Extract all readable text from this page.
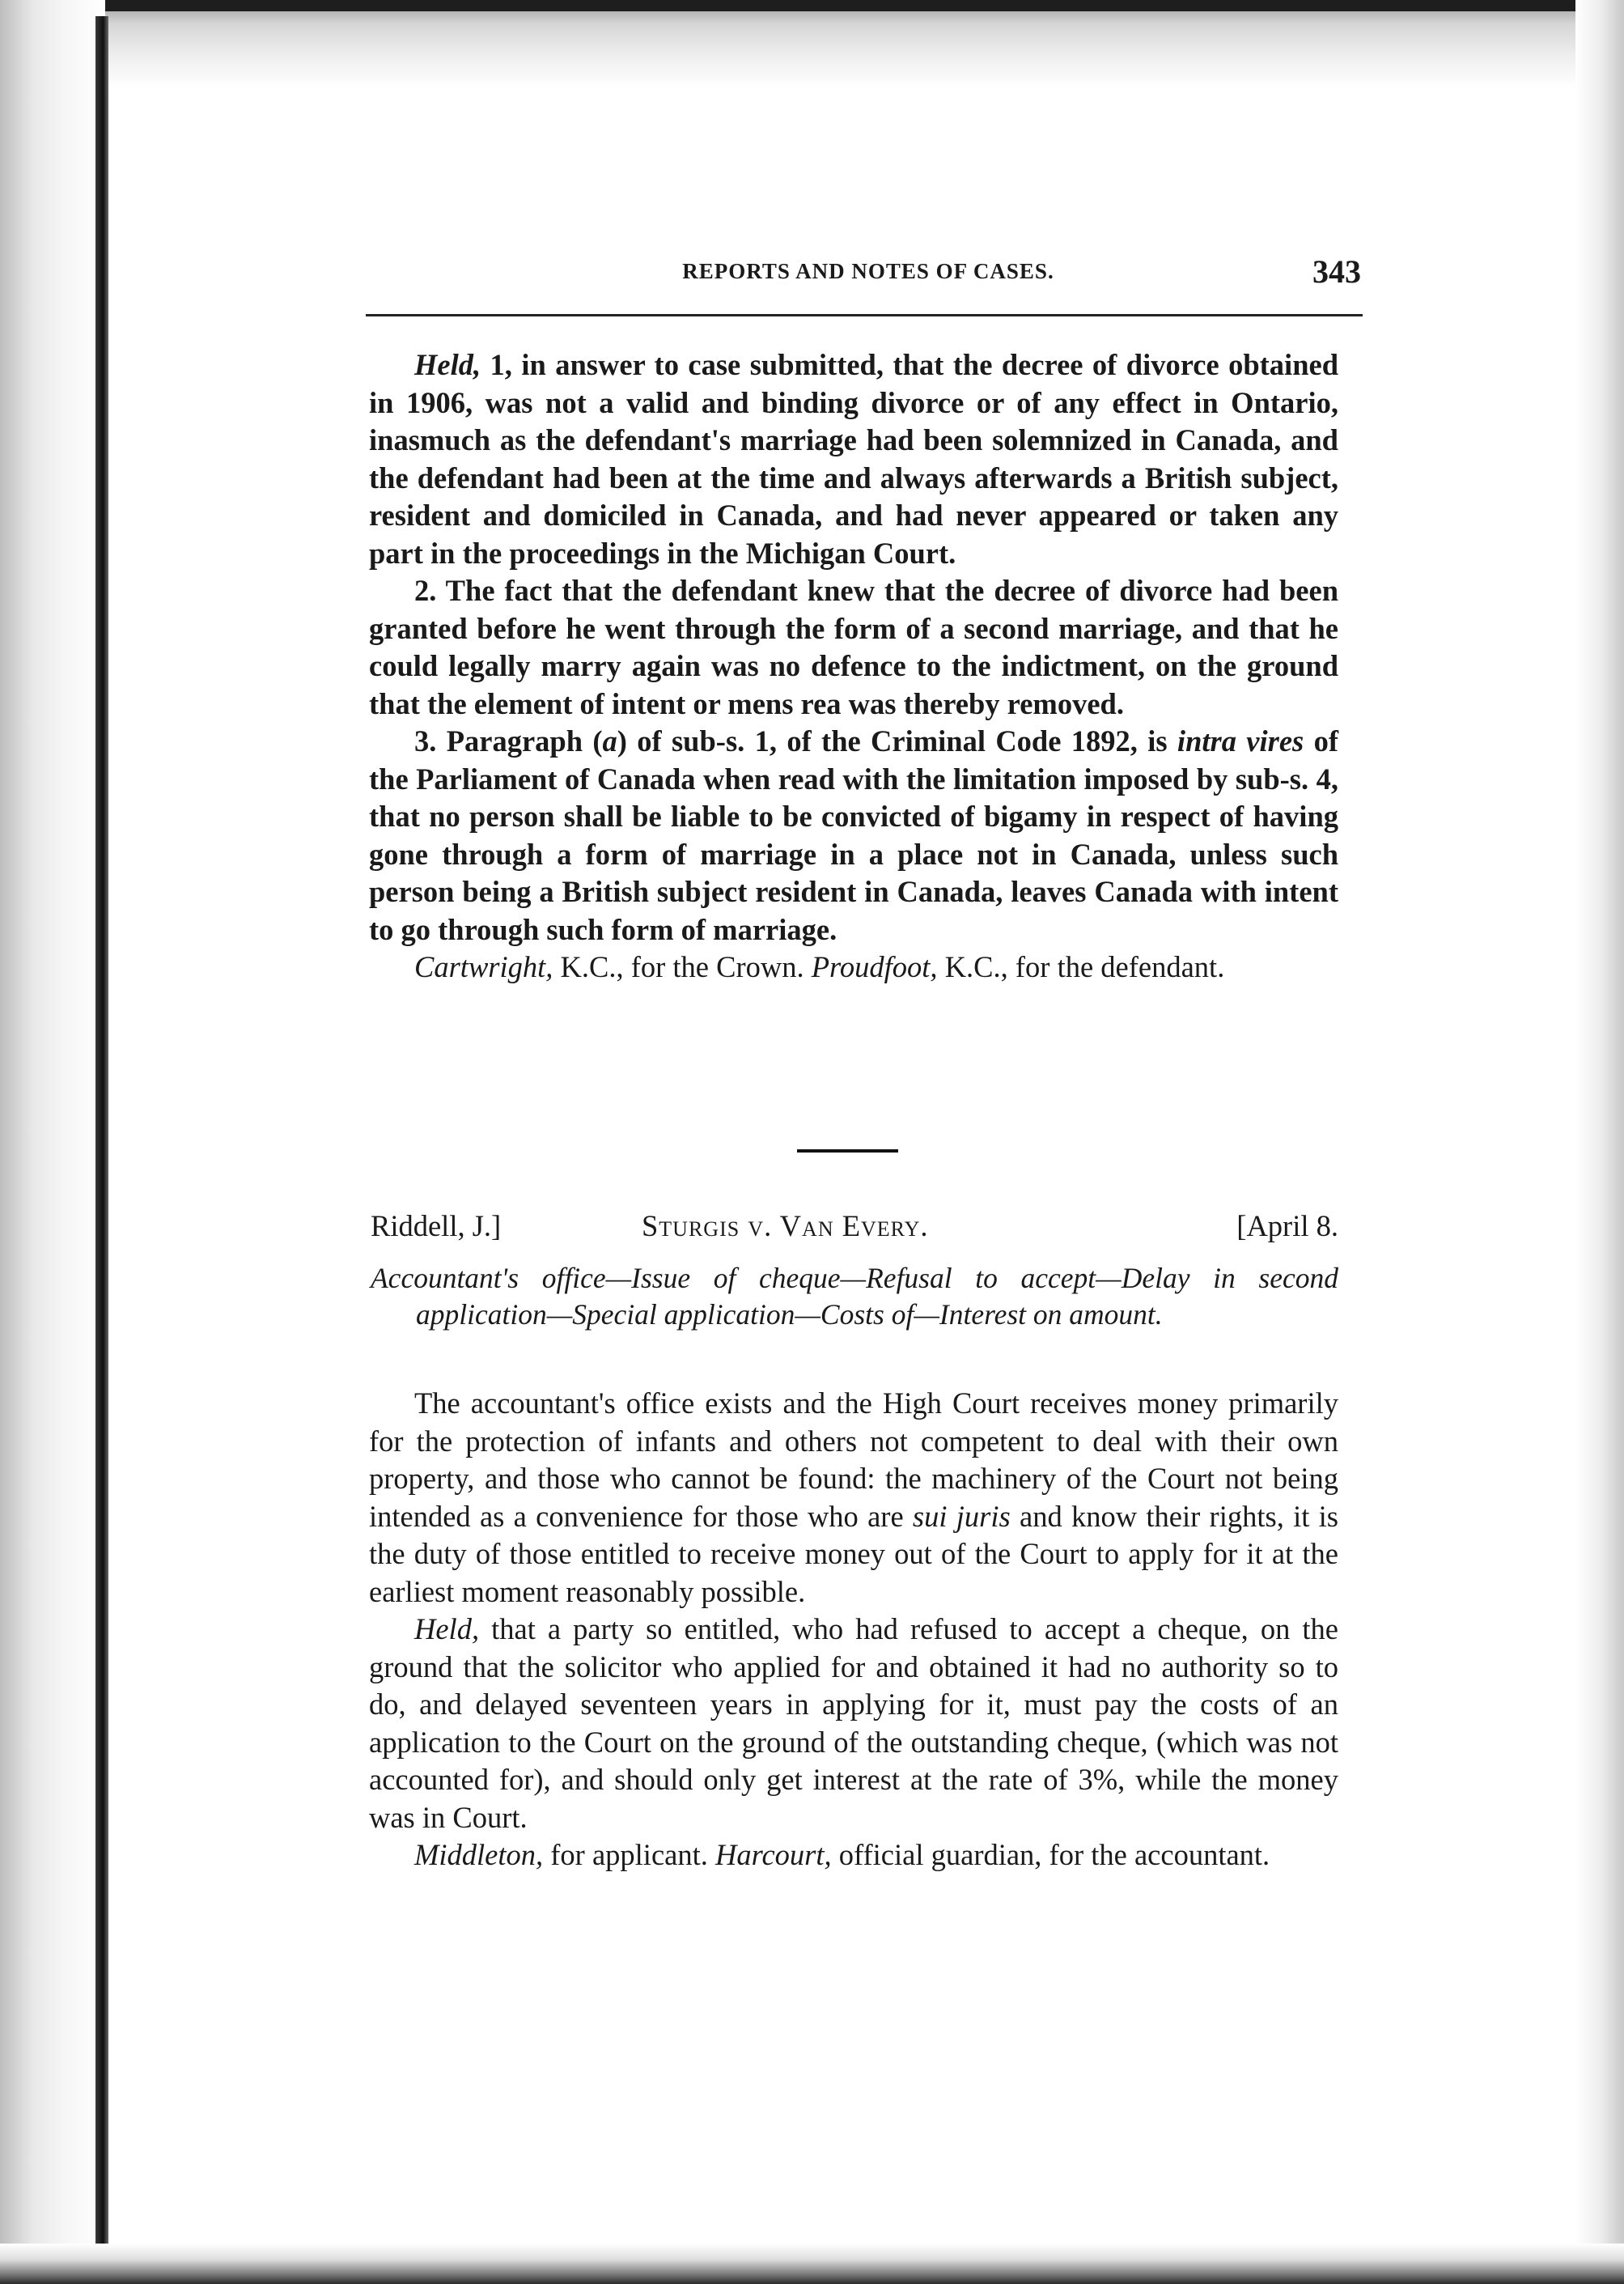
REPORTS AND NOTES OF CASES.	343

Held, 1, in answer to case submitted, that the decree of divorce obtained in 1906, was not a valid and binding divorce or of any effect in Ontario, inasmuch as the defendant's marriage had been solemnized in Canada, and the defendant had been at the time and always afterwards a British subject, resident and domiciled in Canada, and had never appeared or taken any part in the proceedings in the Michigan Court.

2. The fact that the defendant knew that the decree of divorce had been granted before he went through the form of a second marriage, and that he could legally marry again was no defence to the indictment, on the ground that the element of intent or mens rea was thereby removed.

3. Paragraph (a) of sub-s. 1, of the Criminal Code 1892, is intra vires of the Parliament of Canada when read with the limitation imposed by sub-s. 4, that no person shall be liable to be convicted of bigamy in respect of having gone through a form of marriage in a place not in Canada, unless such person being a British subject resident in Canada, leaves Canada with intent to go through such form of marriage.

Cartwright, K.C., for the Crown. Proudfoot, K.C., for the defendant.

Riddell, J.]	Sturgis v. Van Every.	[April 8.
Accountant's office—Issue of cheque—Refusal to accept—Delay in second application—Special application—Costs of—Interest on amount.

The accountant's office exists and the High Court receives money primarily for the protection of infants and others not competent to deal with their own property, and those who cannot be found: the machinery of the Court not being intended as a convenience for those who are sui juris and know their rights, it is the duty of those entitled to receive money out of the Court to apply for it at the earliest moment reasonably possible.

Held, that a party so entitled, who had refused to accept a cheque, on the ground that the solicitor who applied for and obtained it had no authority so to do, and delayed seventeen years in applying for it, must pay the costs of an application to the Court on the ground of the outstanding cheque, (which was not accounted for), and should only get interest at the rate of 3%, while the money was in Court.

Middleton, for applicant. Harcourt, official guardian, for the accountant.
